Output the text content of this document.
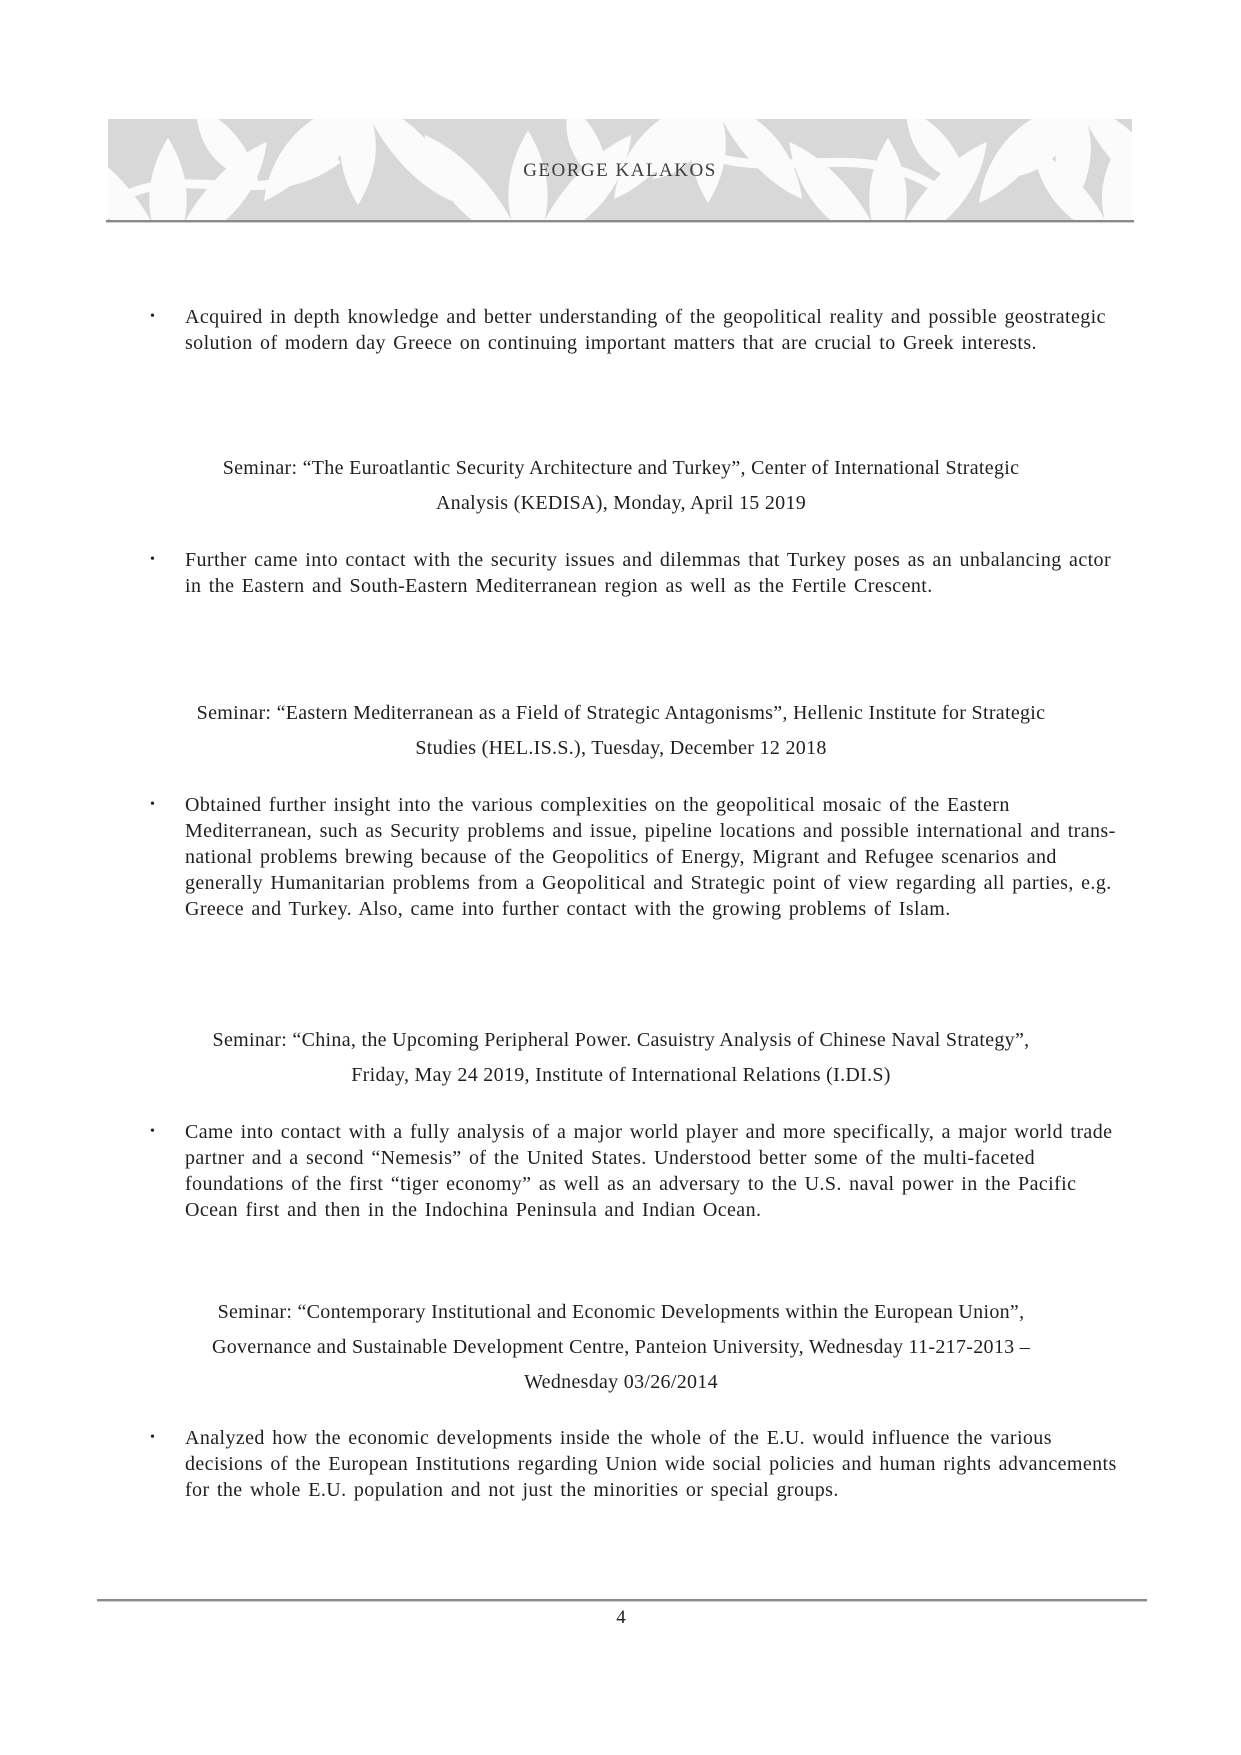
GEORGE KALAKOS
•	Acquired in depth knowledge and better understanding of the geopolitical reality and possible geostrategic solution of modern day Greece on continuing important matters that are crucial to Greek interests.
Seminar: “The Euroatlantic Security Architecture and Turkey”, Center of International Strategic
Analysis (KEDISA), Monday, April 15 2019
•	Further came into contact with the security issues and dilemmas that Turkey poses as an unbalancing actor in the Eastern and South-Eastern Mediterranean region as well as the Fertile Crescent.
Seminar: “Eastern Mediterranean as a Field of Strategic Antagonisms”, Hellenic Institute for Strategic
Studies (HEL.IS.S.), Tuesday, December 12 2018
•	Obtained further insight into the various complexities on the geopolitical mosaic of the Eastern Mediterranean, such as Security problems and issue, pipeline locations and possible international and trans-national problems brewing because of the Geopolitics of Energy, Migrant and Refugee scenarios and generally Humanitarian problems from a Geopolitical and Strategic point of view regarding all parties, e.g. Greece and Turkey. Also, came into further contact with the growing problems of Islam.
Seminar: “China, the Upcoming Peripheral Power. Casuistry Analysis of Chinese Naval Strategy”,
Friday, May 24 2019, Institute of International Relations (I.DI.S)
•	Came into contact with a fully analysis of a major world player and more specifically, a major world trade partner and a second “Nemesis” of the United States. Understood better some of the multi-faceted foundations of the first “tiger economy” as well as an adversary to the U.S. naval power in the Pacific Ocean first and then in the Indochina Peninsula and Indian Ocean.
Seminar: “Contemporary Institutional and Economic Developments within the European Union”,
Governance and Sustainable Development Centre, Panteion University, Wednesday 11-217-2013 –
Wednesday 03/26/2014
•	Analyzed how the economic developments inside the whole of the E.U. would influence the various decisions of the European Institutions regarding Union wide social policies and human rights advancements for the whole E.U. population and not just the minorities or special groups.
4
